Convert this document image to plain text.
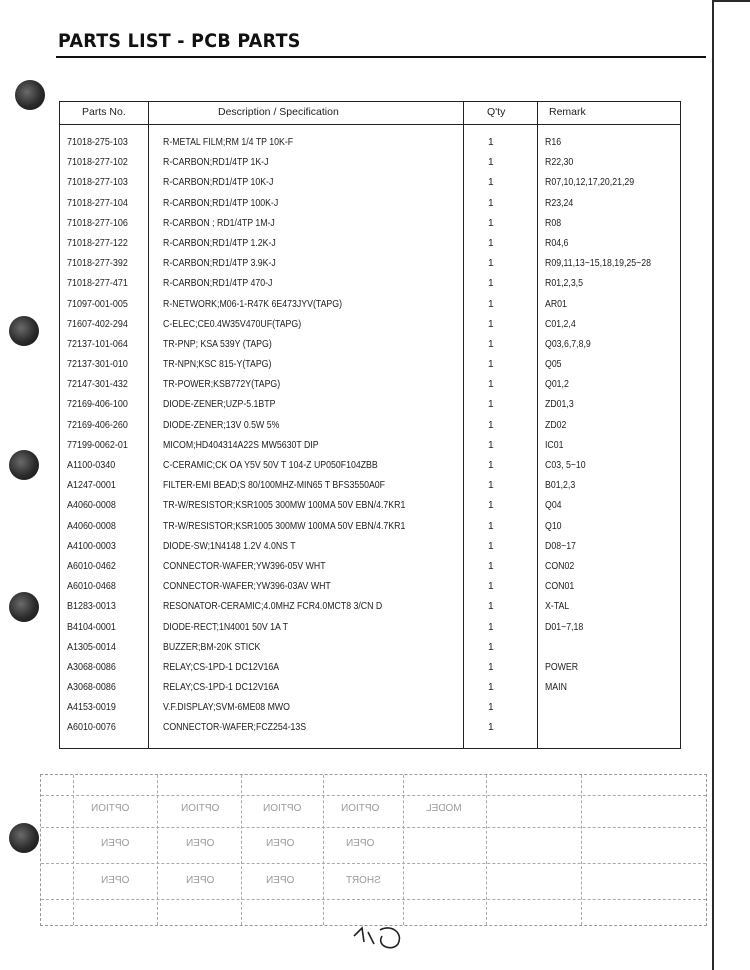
PARTS LIST - PCB PARTS
Parts No.	Description / Specification	Q'ty	Remark
71018-275-103	R-METAL FILM;RM 1/4 TP 10K-F	1	R16
71018-277-102	R-CARBON;RD1/4TP 1K-J	1	R22,30
71018-277-103	R-CARBON;RD1/4TP 10K-J	1	R07,10,12,17,20,21,29
71018-277-104	R-CARBON;RD1/4TP 100K-J	1	R23,24
71018-277-106	R-CARBON ; RD1/4TP 1M-J	1	R08
71018-277-122	R-CARBON;RD1/4TP 1.2K-J	1	R04,6
71018-277-392	R-CARBON;RD1/4TP 3.9K-J	1	R09,11,13~15,18,19,25~28
71018-277-471	R-CARBON;RD1/4TP 470-J	1	R01,2,3,5
71097-001-005	R-NETWORK;M06-1-R47K 6E473JYV(TAPG)	1	AR01
71607-402-294	C-ELEC;CE0.4W35V470UF(TAPG)	1	C01,2,4
72137-101-064	TR-PNP; KSA 539Y (TAPG)	1	Q03,6,7,8,9
72137-301-010	TR-NPN;KSC 815-Y(TAPG)	1	Q05
72147-301-432	TR-POWER;KSB772Y(TAPG)	1	Q01,2
72169-406-100	DIODE-ZENER;UZP-5.1BTP	1	ZD01,3
72169-406-260	DIODE-ZENER;13V 0.5W 5%	1	ZD02
77199-0062-01	MICOM;HD404314A22S MW5630T DIP	1	IC01
A1100-0340	C-CERAMIC;CK OA Y5V 50V T 104-Z UP050F104ZBB	1	C03, 5~10
A1247-0001	FILTER-EMI BEAD;S 80/100MHZ-MIN65 T BFS3550A0F	1	B01,2,3
A4060-0008	TR-W/RESISTOR;KSR1005 300MW 100MA 50V EBN/4.7KR1	1	Q04
A4060-0008	TR-W/RESISTOR;KSR1005 300MW 100MA 50V EBN/4.7KR1	1	Q10
A4100-0003	DIODE-SW;1N4148 1.2V 4.0NS T	1	D08~17
A6010-0462	CONNECTOR-WAFER;YW396-05V WHT	1	CON02
A6010-0468	CONNECTOR-WAFER;YW396-03AV WHT	1	CON01
B1283-0013	RESONATOR-CERAMIC;4.0MHZ FCR4.0MCT8 3/CN D	1	X-TAL
B4104-0001	DIODE-RECT;1N4001 50V 1A T	1	D01~7,18
A1305-0014	BUZZER;BM-20K STICK	1
A3068-0086	RELAY;CS-1PD-1 DC12V16A	1	POWER
A3068-0086	RELAY;CS-1PD-1 DC12V16A	1	MAIN
A4153-0019	V.F.DISPLAY;SVM-6ME08 MWO	1
A6010-0076	CONNECTOR-WAFER;FCZ254-13S	1
OPTION	OPTION	OPTION	OPTION	MODEL
OPEN	OPEN	OPEN	OPEN
OPEN	OPEN	OPEN	SHORT
